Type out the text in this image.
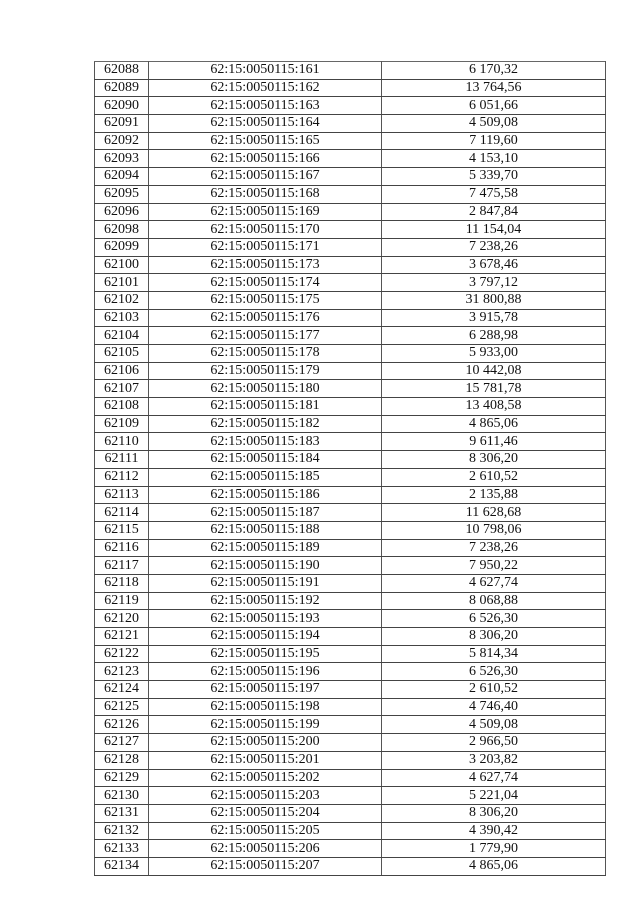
62088	62:15:0050115:161	6 170,32
62089	62:15:0050115:162	13 764,56
62090	62:15:0050115:163	6 051,66
62091	62:15:0050115:164	4 509,08
62092	62:15:0050115:165	7 119,60
62093	62:15:0050115:166	4 153,10
62094	62:15:0050115:167	5 339,70
62095	62:15:0050115:168	7 475,58
62096	62:15:0050115:169	2 847,84
62098	62:15:0050115:170	11 154,04
62099	62:15:0050115:171	7 238,26
62100	62:15:0050115:173	3 678,46
62101	62:15:0050115:174	3 797,12
62102	62:15:0050115:175	31 800,88
62103	62:15:0050115:176	3 915,78
62104	62:15:0050115:177	6 288,98
62105	62:15:0050115:178	5 933,00
62106	62:15:0050115:179	10 442,08
62107	62:15:0050115:180	15 781,78
62108	62:15:0050115:181	13 408,58
62109	62:15:0050115:182	4 865,06
62110	62:15:0050115:183	9 611,46
62111	62:15:0050115:184	8 306,20
62112	62:15:0050115:185	2 610,52
62113	62:15:0050115:186	2 135,88
62114	62:15:0050115:187	11 628,68
62115	62:15:0050115:188	10 798,06
62116	62:15:0050115:189	7 238,26
62117	62:15:0050115:190	7 950,22
62118	62:15:0050115:191	4 627,74
62119	62:15:0050115:192	8 068,88
62120	62:15:0050115:193	6 526,30
62121	62:15:0050115:194	8 306,20
62122	62:15:0050115:195	5 814,34
62123	62:15:0050115:196	6 526,30
62124	62:15:0050115:197	2 610,52
62125	62:15:0050115:198	4 746,40
62126	62:15:0050115:199	4 509,08
62127	62:15:0050115:200	2 966,50
62128	62:15:0050115:201	3 203,82
62129	62:15:0050115:202	4 627,74
62130	62:15:0050115:203	5 221,04
62131	62:15:0050115:204	8 306,20
62132	62:15:0050115:205	4 390,42
62133	62:15:0050115:206	1 779,90
62134	62:15:0050115:207	4 865,06
